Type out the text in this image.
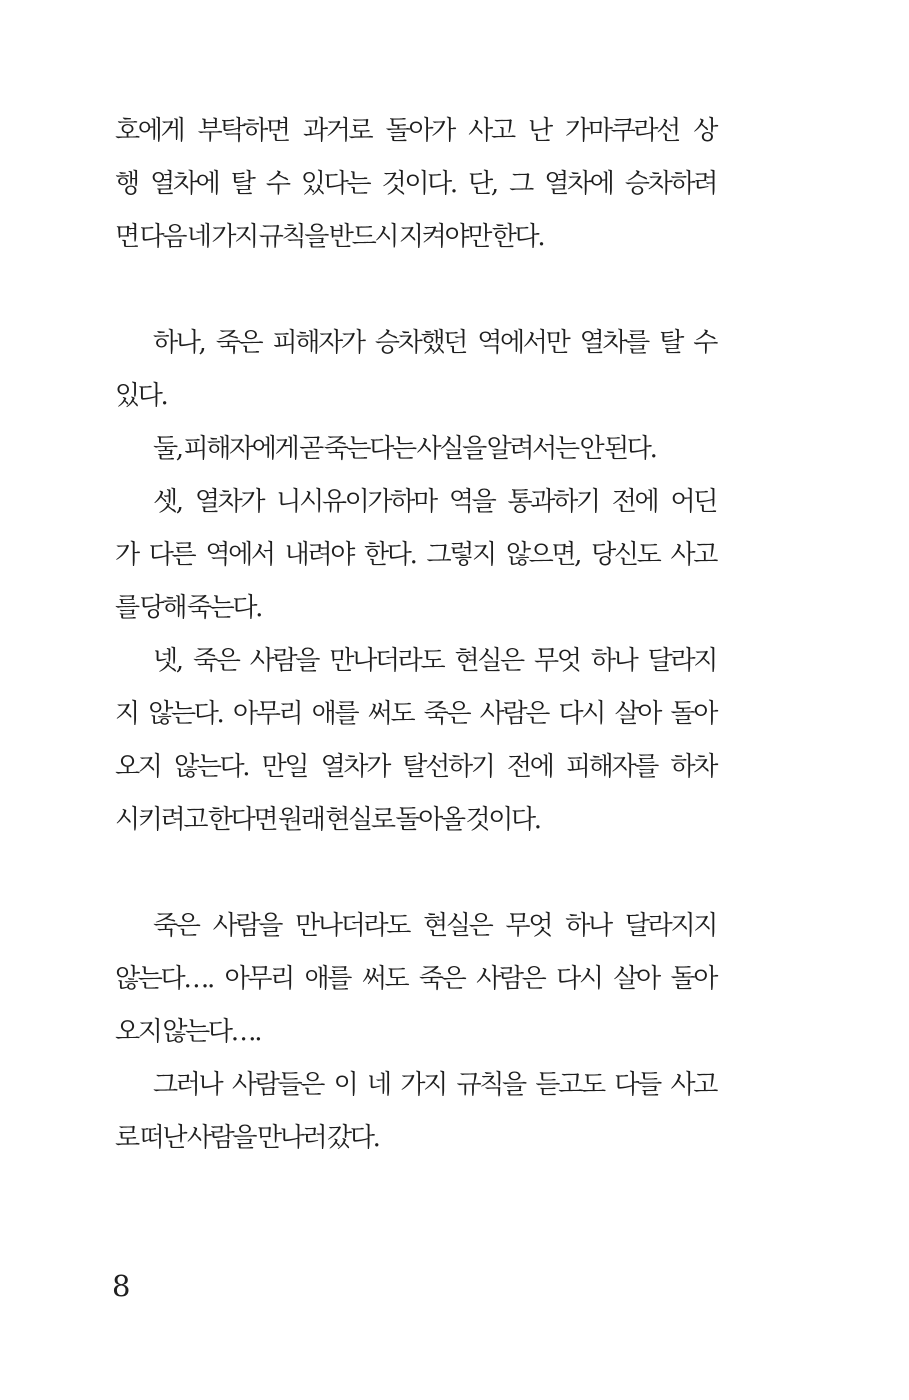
호에게 부탁하면 과거로 돌아가 사고 난 가마쿠라선 상

행 열차에 탈 수 있다는 것이다. 단, 그 열차에 승차하려

면 다음 네 가지 규칙을 반드시 지켜야만 한다.

하나, 죽은 피해자가 승차했던 역에서만 열차를 탈 수

있다.

둘, 피해자에게 곧 죽는다는 사실을 알려서는 안 된다.

셋, 열차가 니시유이가하마 역을 통과하기 전에 어딘

가 다른 역에서 내려야 한다. 그렇지 않으면, 당신도 사고

를 당해 죽는다.

넷, 죽은 사람을 만나더라도 현실은 무엇 하나 달라지

지 않는다. 아무리 애를 써도 죽은 사람은 다시 살아 돌아

오지 않는다. 만일 열차가 탈선하기 전에 피해자를 하차

시키려고 한다면 원래 현실로 돌아올 것이다.

죽은 사람을 만나더라도 현실은 무엇 하나 달라지지

않는다…. 아무리 애를 써도 죽은 사람은 다시 살아 돌아

오지 않는다….

그러나 사람들은 이 네 가지 규칙을 듣고도 다들 사고

로 떠난 사람을 만나러 갔다.

8
